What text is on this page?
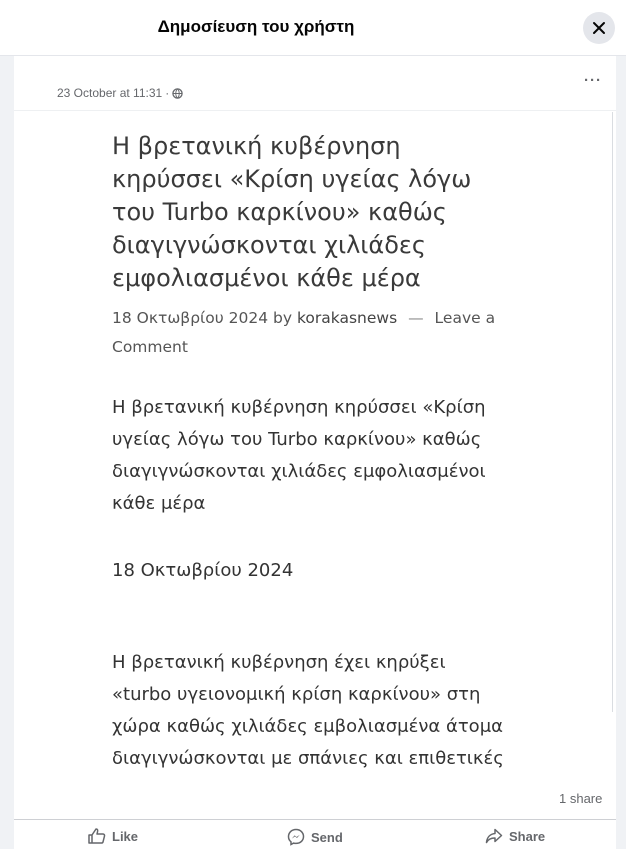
Δημοσίευση του χρήστη
23 October at 11:31 ·
···
Η βρετανική κυβέρνηση κηρύσσει «Κρίση υγείας λόγω του Turbo καρκίνου» καθώς διαγιγνώσκονται χιλιάδες εμφολιασμένοι κάθε μέρα
18 Οκτωβρίου 2024 by korakasnews — Leave a Comment

Η βρετανική κυβέρνηση κηρύσσει «Κρίση υγείας λόγω του Turbo καρκίνου» καθώς διαγιγνώσκονται χιλιάδες εμφολιασμένοι κάθε μέρα

18 Οκτωβρίου 2024

Η βρετανική κυβέρνηση έχει κηρύξει «turbo υγειονομική κρίση καρκίνου» στη χώρα καθώς χιλιάδες εμβολιασμένα άτομα διαγιγνώσκονται με σπάνιες και επιθετικές

1 share
Like	Send	Share
